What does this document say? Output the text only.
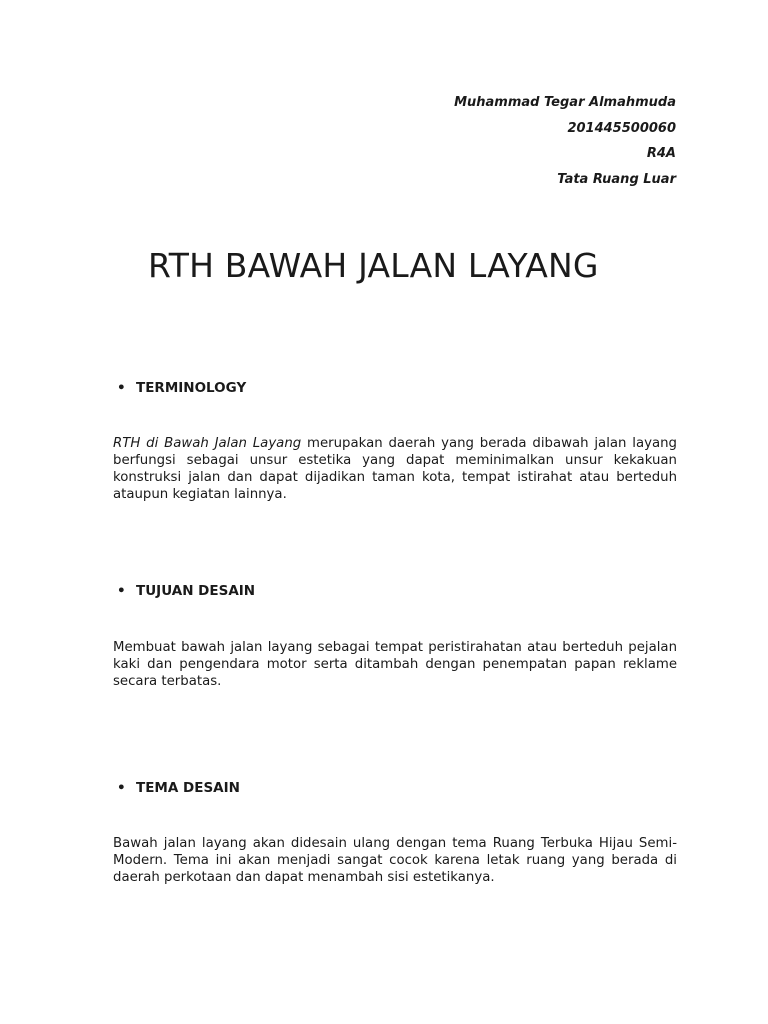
Muhammad Tegar Almahmuda
201445500060
R4A
Tata Ruang Luar
RTH BAWAH JALAN LAYANG
• TERMINOLOGY

RTH di Bawah Jalan Layang merupakan daerah yang berada dibawah jalan layang berfungsi sebagai unsur estetika yang dapat meminimalkan unsur kekakuan konstruksi jalan dan dapat dijadikan taman kota, tempat istirahat atau berteduh ataupun kegiatan lainnya.

• TUJUAN DESAIN

Membuat bawah jalan layang sebagai tempat peristirahatan atau berteduh pejalan kaki dan pengendara motor serta ditambah dengan penempatan papan reklame secara terbatas.

• TEMA DESAIN

Bawah jalan layang akan didesain ulang dengan tema Ruang Terbuka Hijau Semi-Modern. Tema ini akan menjadi sangat cocok karena letak ruang yang berada di daerah perkotaan dan dapat menambah sisi estetikanya.
